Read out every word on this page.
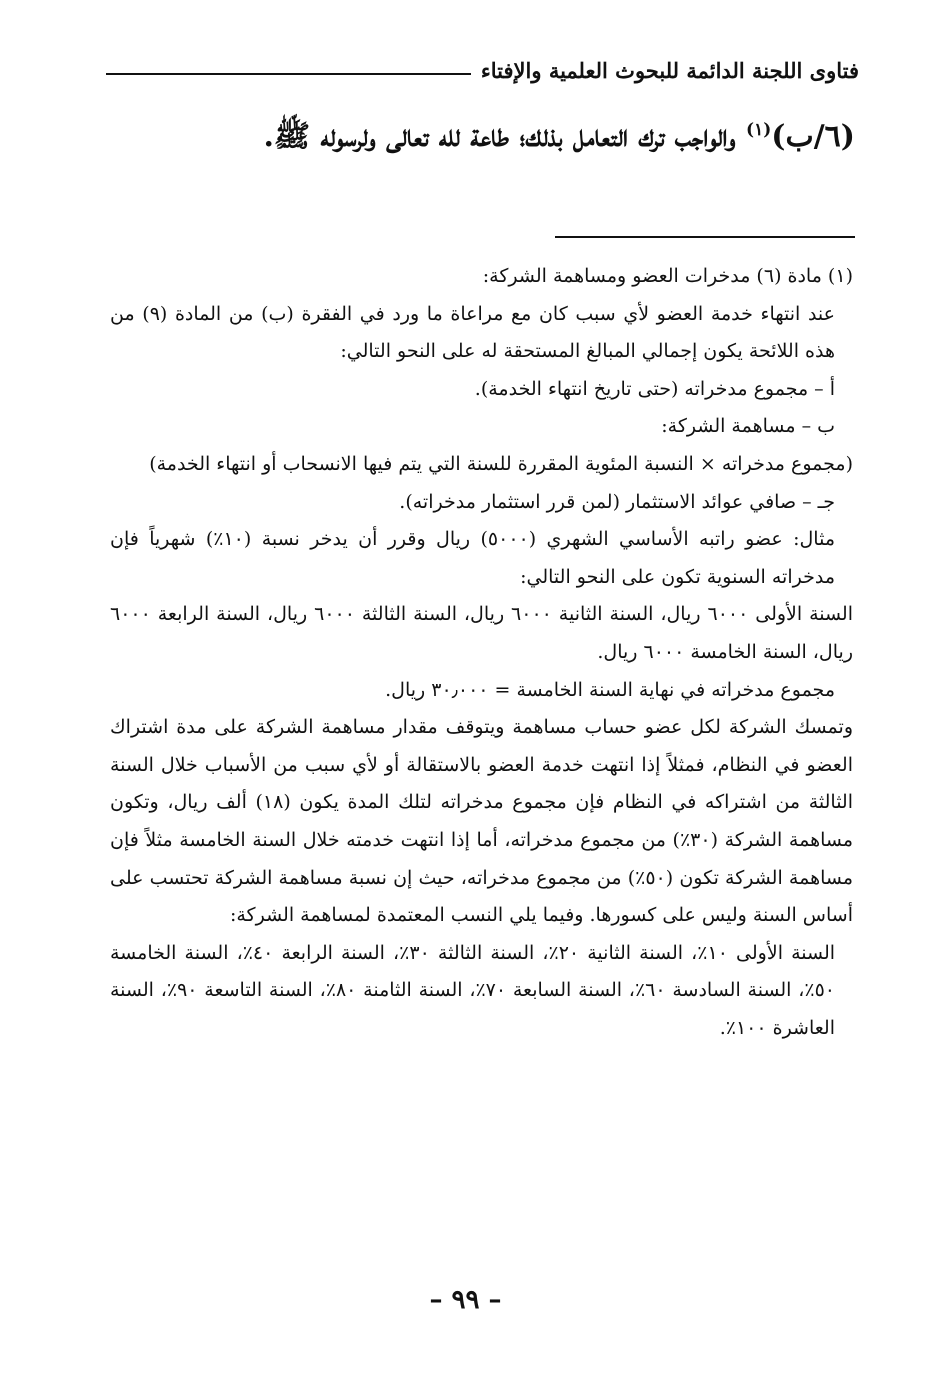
فتاوى اللجنة الدائمة للبحوث العلمية والإفتاء
(٦/ب)$^{(١)}$ والواجب ترك التعامل بذلك؛ طاعة لله تعالى ولرسوله ﷺ.

(١) مادة (٦) مدخرات العضو ومساهمة الشركة:

عند انتهاء خدمة العضو لأي سبب كان مع مراعاة ما ورد في الفقرة (ب) من المادة (٩) من هذه اللائحة يكون إجمالي المبالغ المستحقة له على النحو التالي:

أ – مجموع مدخراته (حتى تاريخ انتهاء الخدمة).

ب – مساهمة الشركة:

(مجموع مدخراته × النسبة المئوية المقررة للسنة التي يتم فيها الانسحاب أو انتهاء الخدمة)

جـ – صافي عوائد الاستثمار (لمن قرر استثمار مدخراته).

مثال: عضو راتبه الأساسي الشهري (٥٠٠٠) ريال وقرر أن يدخر نسبة (١٠٪) شهرياً فإن مدخراته السنوية تكون على النحو التالي:

السنة الأولى ٦٠٠٠ ريال، السنة الثانية ٦٠٠٠ ريال، السنة الثالثة ٦٠٠٠ ريال، السنة الرابعة ٦٠٠٠ ريال، السنة الخامسة ٦٠٠٠ ريال.

مجموع مدخراته في نهاية السنة الخامسة = ٣٠٫٠٠٠ ريال.

وتمسك الشركة لكل عضو حساب مساهمة ويتوقف مقدار مساهمة الشركة على مدة اشتراك العضو في النظام، فمثلاً إذا انتهت خدمة العضو بالاستقالة أو لأي سبب من الأسباب خلال السنة الثالثة من اشتراكه في النظام فإن مجموع مدخراته لتلك المدة يكون (١٨) ألف ريال، وتكون مساهمة الشركة (٣٠٪) من مجموع مدخراته، أما إذا انتهت خدمته خلال السنة الخامسة مثلاً فإن مساهمة الشركة تكون (٥٠٪) من مجموع مدخراته، حيث إن نسبة مساهمة الشركة تحتسب على أساس السنة وليس على كسورها. وفيما يلي النسب المعتمدة لمساهمة الشركة:

السنة الأولى ١٠٪، السنة الثانية ٢٠٪، السنة الثالثة ٣٠٪، السنة الرابعة ٤٠٪، السنة الخامسة ٥٠٪، السنة السادسة ٦٠٪، السنة السابعة ٧٠٪، السنة الثامنة ٨٠٪، السنة التاسعة ٩٠٪، السنة العاشرة ١٠٠٪.

– ٩٩ –
